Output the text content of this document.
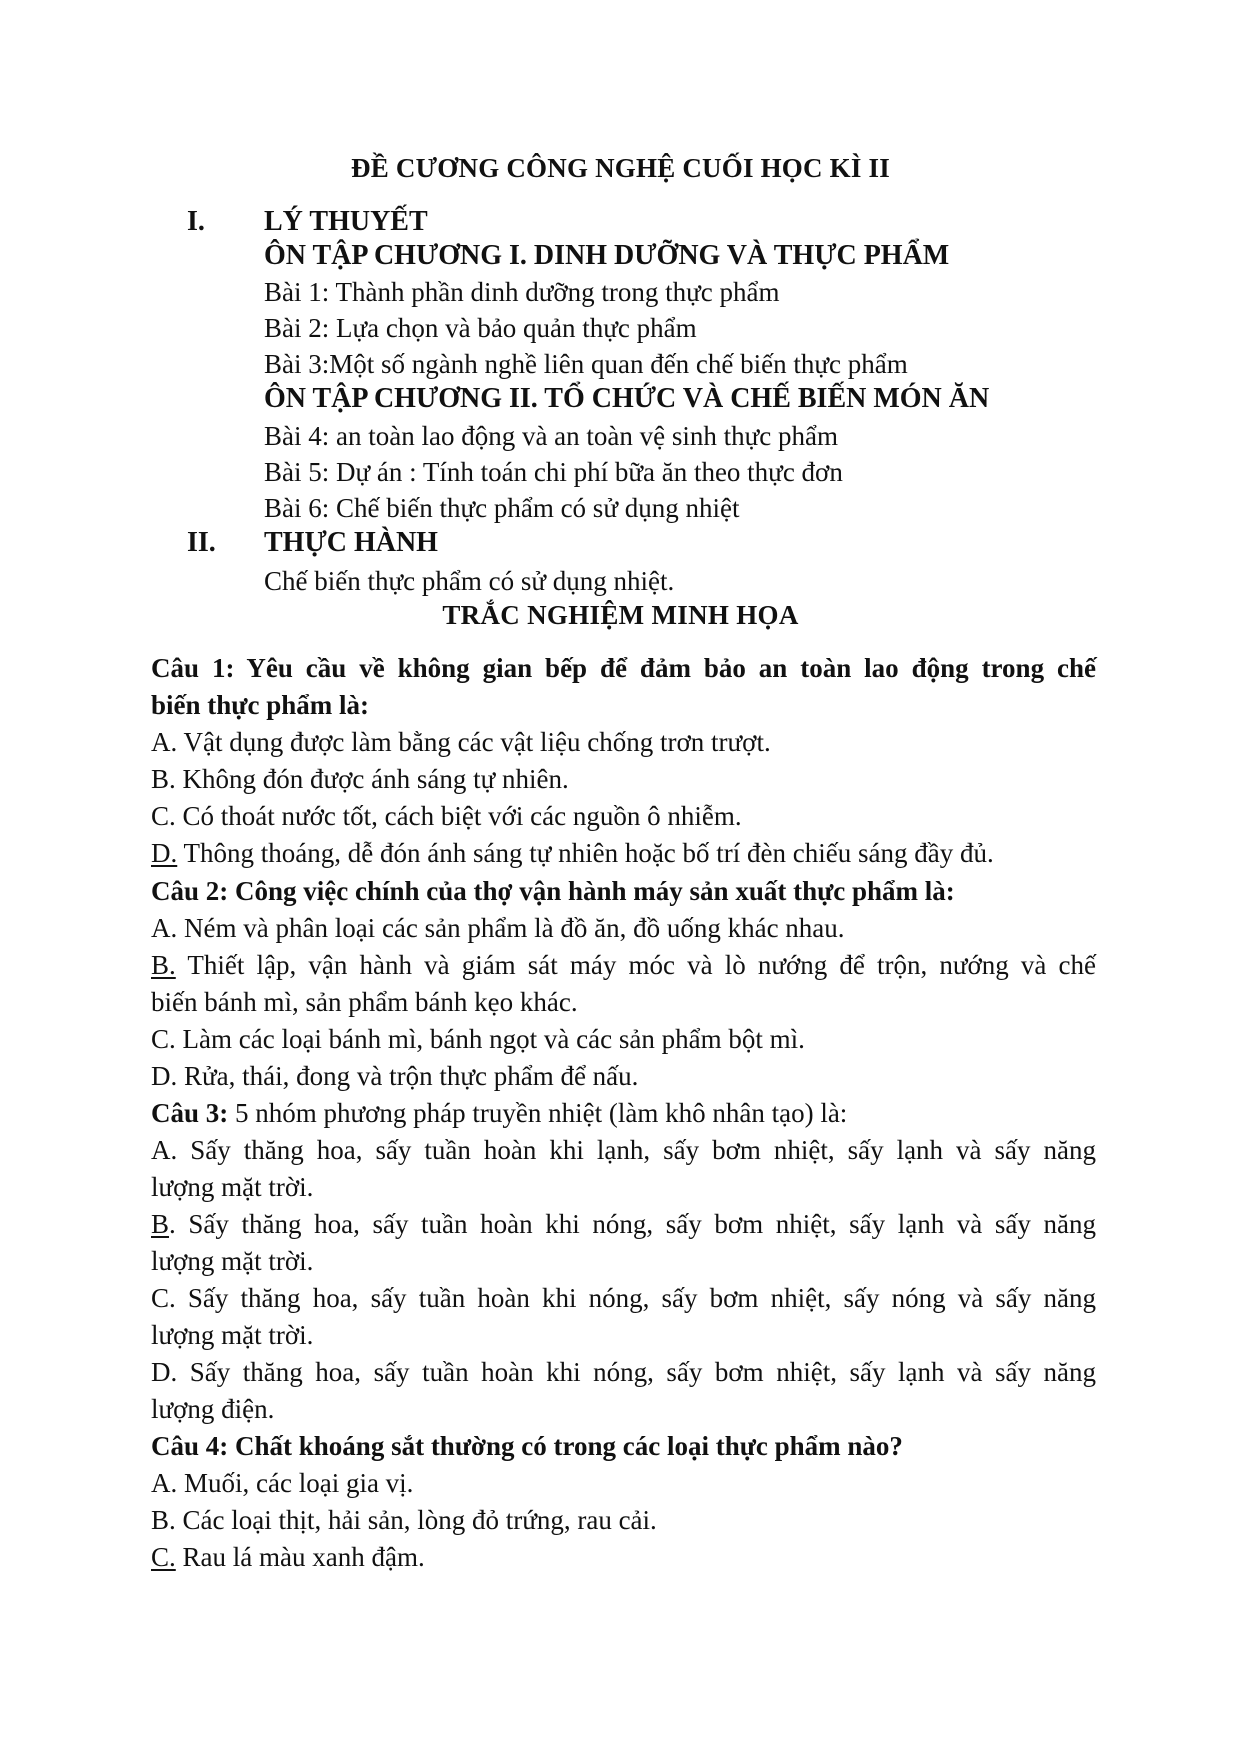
ĐỀ CƯƠNG CÔNG NGHỆ CUỐI HỌC KÌ II
I. LÝ THUYẾT
ÔN TẬP CHƯƠNG I. DINH DƯỠNG VÀ THỰC PHẨM
Bài 1: Thành phần dinh dưỡng trong thực phẩm
Bài 2: Lựa chọn và bảo quản thực phẩm
Bài 3:Một số ngành nghề liên quan đến chế biến thực phẩm
ÔN TẬP CHƯƠNG II. TỔ CHỨC VÀ CHẾ BIẾN MÓN ĂN
Bài 4: an toàn lao động và an toàn vệ sinh thực phẩm
Bài 5: Dự án : Tính toán chi phí bữa ăn theo thực đơn
Bài 6: Chế biến thực phẩm có sử dụng nhiệt
II. THỰC HÀNH
Chế biến thực phẩm có sử dụng nhiệt.
TRẮC NGHIỆM MINH HỌA
Câu 1: Yêu cầu về không gian bếp để đảm bảo an toàn lao động trong chế
biến thực phẩm là:
A. Vật dụng được làm bằng các vật liệu chống trơn trượt.
B. Không đón được ánh sáng tự nhiên.
C. Có thoát nước tốt, cách biệt với các nguồn ô nhiễm.
D. Thông thoáng, dễ đón ánh sáng tự nhiên hoặc bố trí đèn chiếu sáng đầy đủ.
Câu 2: Công việc chính của thợ vận hành máy sản xuất thực phẩm là:
A. Ném và phân loại các sản phẩm là đồ ăn, đồ uống khác nhau.
B. Thiết lập, vận hành và giám sát máy móc và lò nướng để trộn, nướng và chế
biến bánh mì, sản phẩm bánh kẹo khác.
C. Làm các loại bánh mì, bánh ngọt và các sản phẩm bột mì.
D. Rửa, thái, đong và trộn thực phẩm để nấu.
Câu 3: 5 nhóm phương pháp truyền nhiệt (làm khô nhân tạo) là:
A. Sấy thăng hoa, sấy tuần hoàn khi lạnh, sấy bơm nhiệt, sấy lạnh và sấy năng
lượng mặt trời.
B. Sấy thăng hoa, sấy tuần hoàn khi nóng, sấy bơm nhiệt, sấy lạnh và sấy năng
lượng mặt trời.
C. Sấy thăng hoa, sấy tuần hoàn khi nóng, sấy bơm nhiệt, sấy nóng và sấy năng
lượng mặt trời.
D. Sấy thăng hoa, sấy tuần hoàn khi nóng, sấy bơm nhiệt, sấy lạnh và sấy năng
lượng điện.
Câu 4: Chất khoáng sắt thường có trong các loại thực phẩm nào?
A. Muối, các loại gia vị.
B. Các loại thịt, hải sản, lòng đỏ trứng, rau cải.
C. Rau lá màu xanh đậm.
